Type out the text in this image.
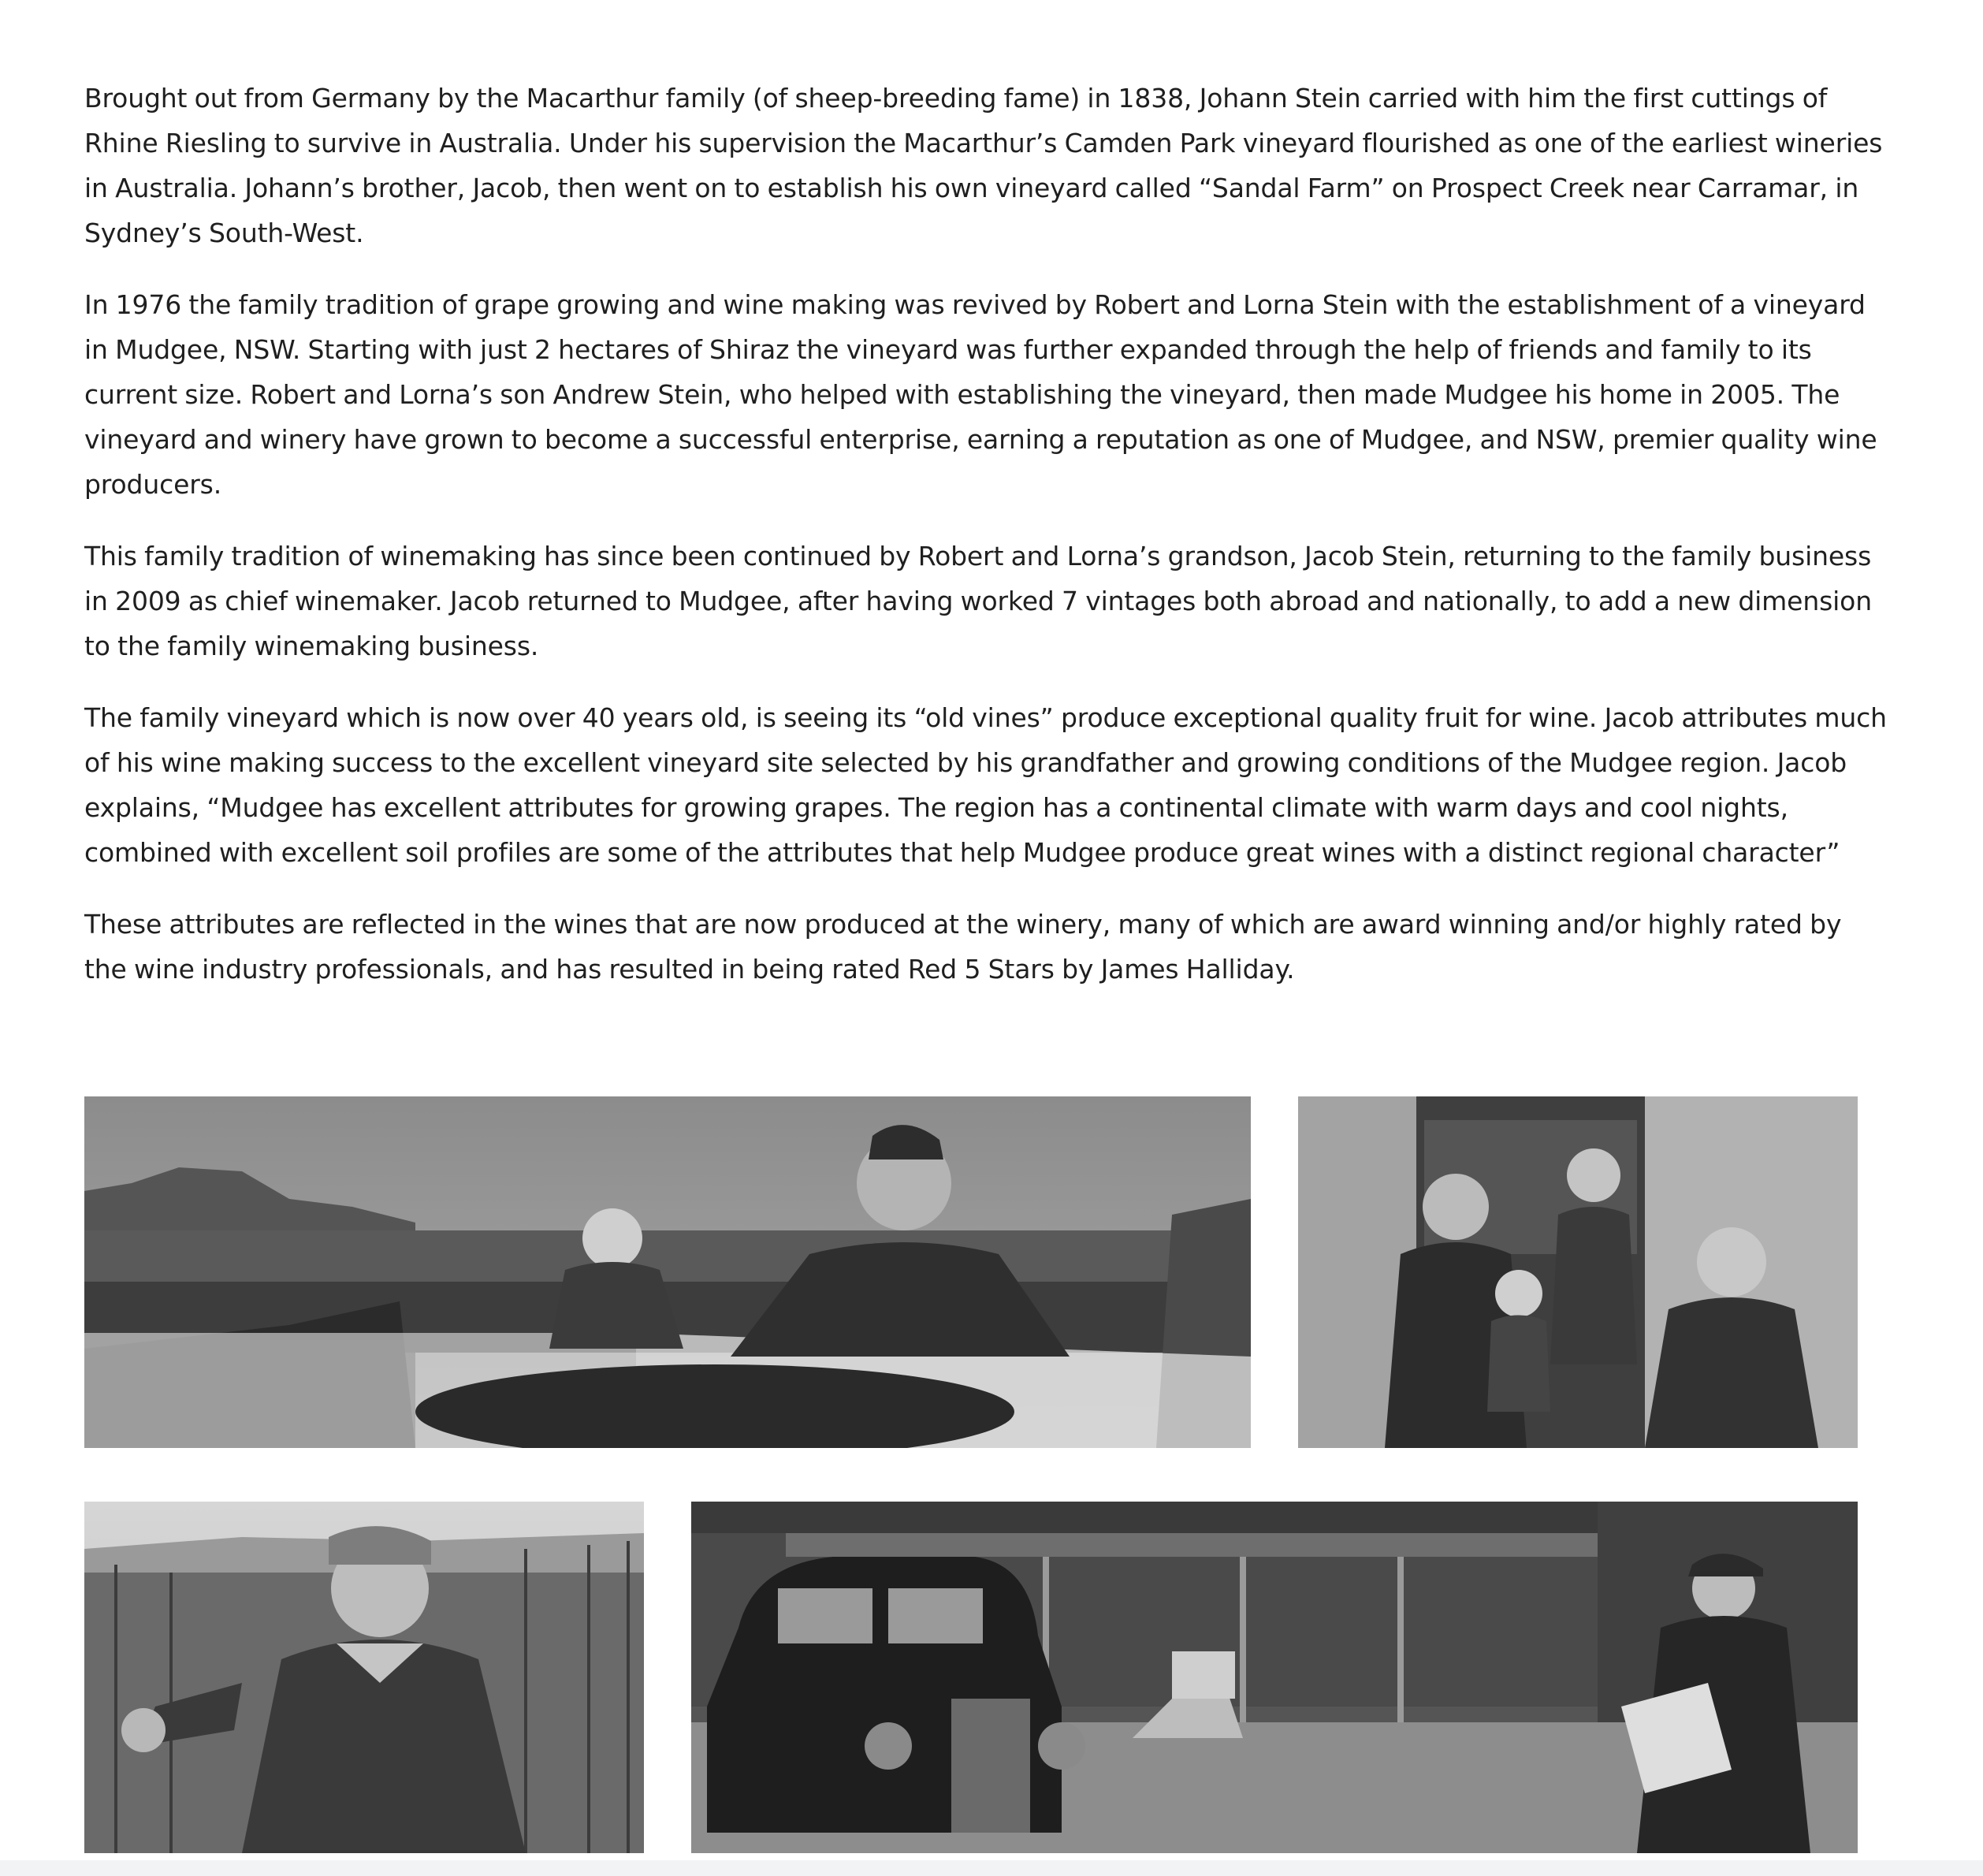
Brought out from Germany by the Macarthur family (of sheep-breeding fame) in 1838, Johann Stein carried with him the first cuttings of Rhine Riesling to survive in Australia. Under his supervision the Macarthur’s Camden Park vineyard flourished as one of the earliest wineries in Australia. Johann’s brother, Jacob, then went on to establish his own vineyard called “Sandal Farm” on Prospect Creek near Carramar, in Sydney’s South-West.

In 1976 the family tradition of grape growing and wine making was revived by Robert and Lorna Stein with the establishment of a vineyard in Mudgee, NSW. Starting with just 2 hectares of Shiraz the vineyard was further expanded through the help of friends and family to its current size. Robert and Lorna’s son Andrew Stein, who helped with establishing the vineyard, then made Mudgee his home in 2005. The vineyard and winery have grown to become a successful enterprise, earning a reputation as one of Mudgee, and NSW, premier quality wine producers.

This family tradition of winemaking has since been continued by Robert and Lorna’s grandson, Jacob Stein, returning to the family business in 2009 as chief winemaker. Jacob returned to Mudgee, after having worked 7 vintages both abroad and nationally, to add a new dimension to the family winemaking business.

The family vineyard which is now over 40 years old, is seeing its “old vines” produce exceptional quality fruit for wine. Jacob attributes much of his wine making success to the excellent vineyard site selected by his grandfather and growing conditions of the Mudgee region. Jacob explains, “Mudgee has excellent attributes for growing grapes. The region has a continental climate with warm days and cool nights, combined with excellent soil profiles are some of the attributes that help Mudgee produce great wines with a distinct regional character”

These attributes are reflected in the wines that are now produced at the winery, many of which are award winning and/or highly rated by the wine industry professionals, and has resulted in being rated Red 5 Stars by James Halliday.
